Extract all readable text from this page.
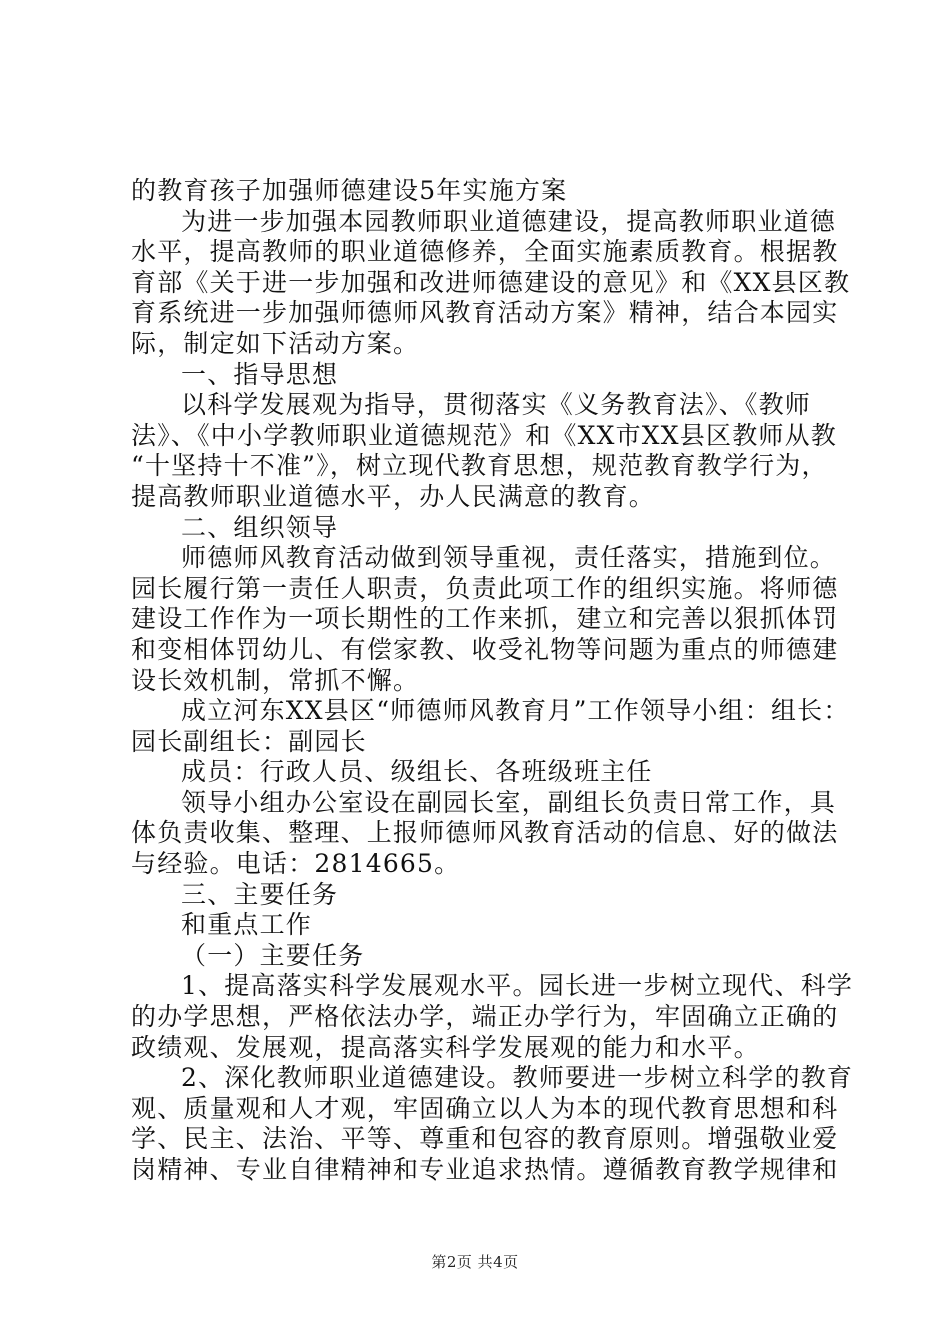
的教育孩子加强师德建设5年实施方案
为进一步加强本园教师职业道德建设，提高教师职业道德
水平，提高教师的职业道德修养，全面实施素质教育。根据教
育部《关于进一步加强和改进师德建设的意见》和《XX县区教
育系统进一步加强师德师风教育活动方案》精神，结合本园实
际，制定如下活动方案。
一、指导思想
以科学发展观为指导，贯彻落实《义务教育法》、《教师
法》、《中小学教师职业道德规范》和《XX市XX县区教师从教
“十坚持十不准”》，树立现代教育思想，规范教育教学行为，
提高教师职业道德水平，办人民满意的教育。
二、组织领导
师德师风教育活动做到领导重视，责任落实，措施到位。
园长履行第一责任人职责，负责此项工作的组织实施。将师德
建设工作作为一项长期性的工作来抓，建立和完善以狠抓体罚
和变相体罚幼儿、有偿家教、收受礼物等问题为重点的师德建
设长效机制，常抓不懈。
成立河东XX县区“师德师风教育月”工作领导小组：组长：
园长副组长：副园长
成员：行政人员、级组长、各班级班主任
领导小组办公室设在副园长室，副组长负责日常工作，具
体负责收集、整理、上报师德师风教育活动的信息、好的做法
与经验。电话：2814665。
三、主要任务
和重点工作
（一）主要任务
1、提高落实科学发展观水平。园长进一步树立现代、科学
的办学思想，严格依法办学，端正办学行为，牢固确立正确的
政绩观、发展观，提高落实科学发展观的能力和水平。
2、深化教师职业道德建设。教师要进一步树立科学的教育
观、质量观和人才观，牢固确立以人为本的现代教育思想和科
学、民主、法治、平等、尊重和包容的教育原则。增强敬业爱
岗精神、专业自律精神和专业追求热情。遵循教育教学规律和
第2页 共4页
